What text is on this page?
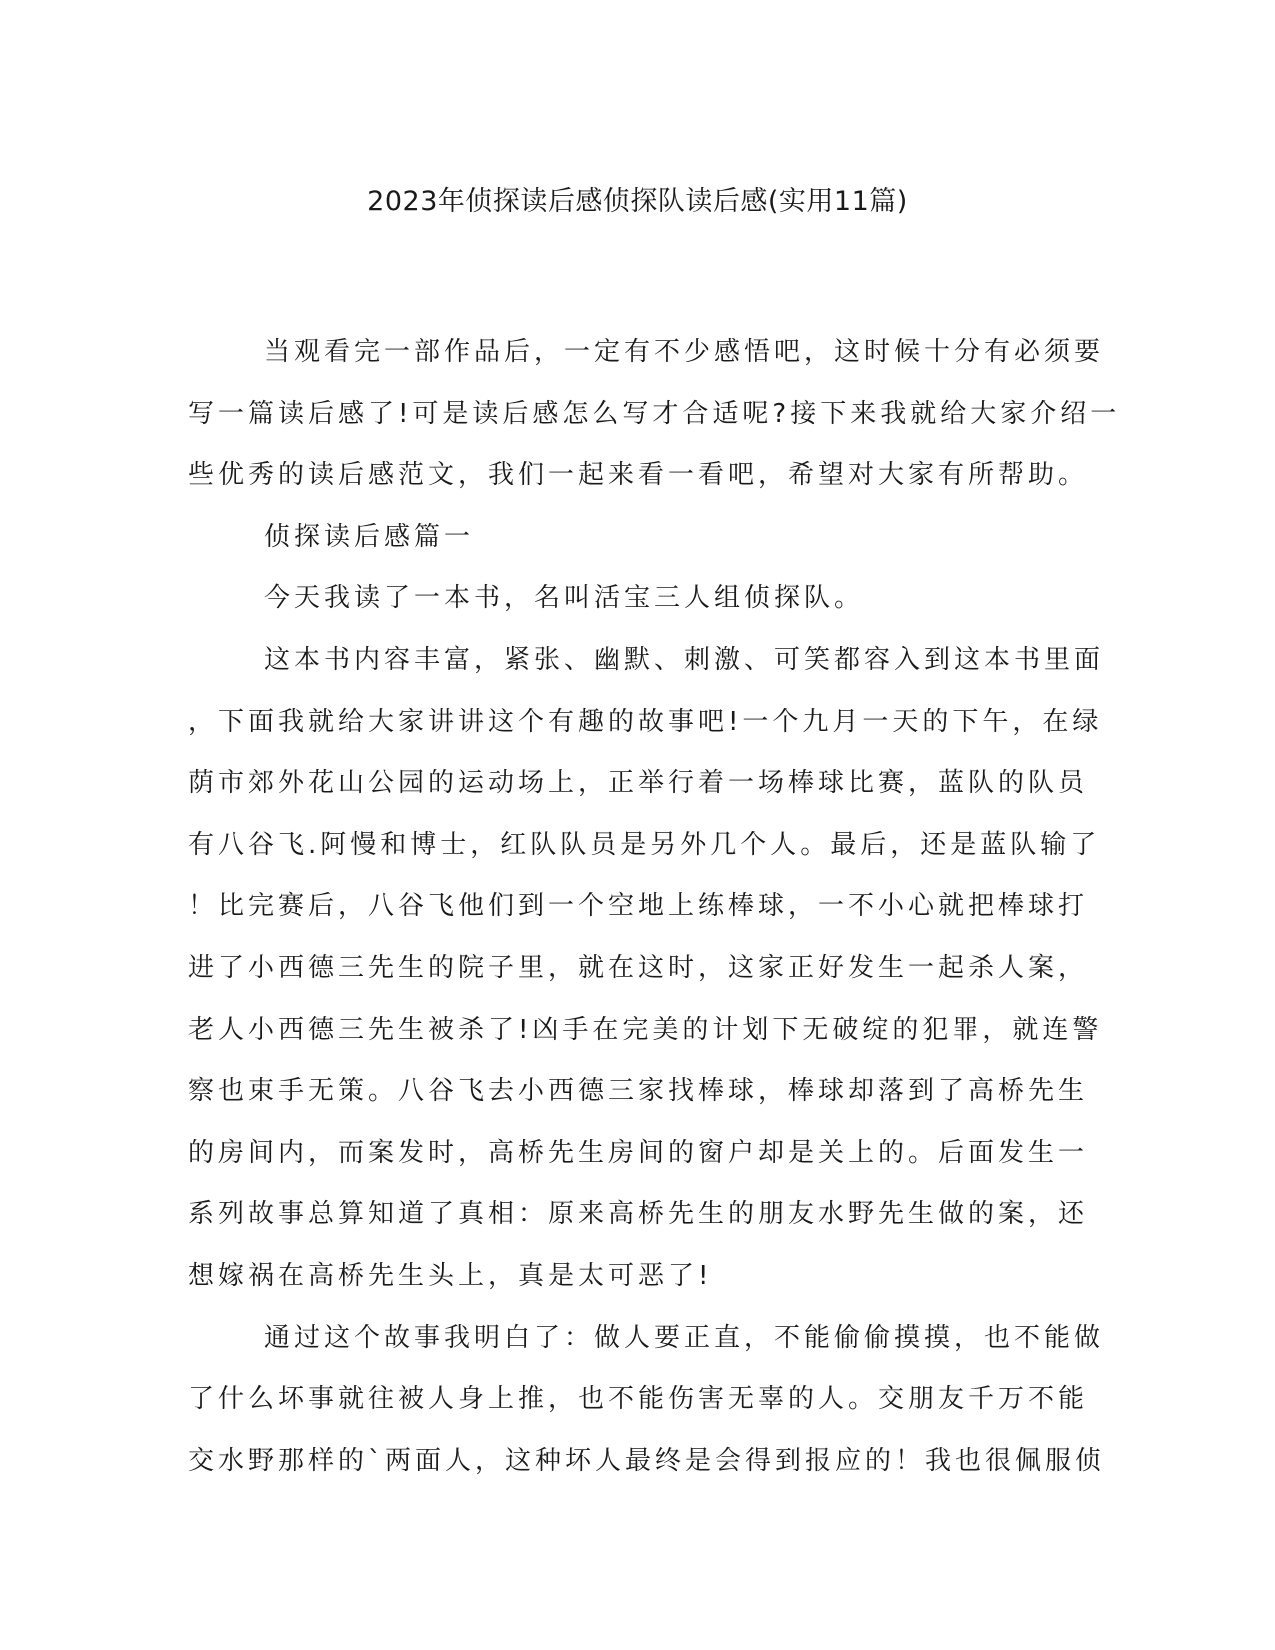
2023年侦探读后感侦探队读后感(实用11篇)
当观看完一部作品后，一定有不少感悟吧，这时候十分有必须要
写一篇读后感了!可是读后感怎么写才合适呢?接下来我就给大家介绍一
些优秀的读后感范文，我们一起来看一看吧，希望对大家有所帮助。
侦探读后感篇一
今天我读了一本书，名叫活宝三人组侦探队。
这本书内容丰富，紧张、幽默、刺激、可笑都容入到这本书里面
，下面我就给大家讲讲这个有趣的故事吧!一个九月一天的下午，在绿
荫市郊外花山公园的运动场上，正举行着一场棒球比赛，蓝队的队员
有八谷飞.阿慢和博士，红队队员是另外几个人。最后，还是蓝队输了
！比完赛后，八谷飞他们到一个空地上练棒球，一不小心就把棒球打
进了小西德三先生的院子里，就在这时，这家正好发生一起杀人案，
老人小西德三先生被杀了!凶手在完美的计划下无破绽的犯罪，就连警
察也束手无策。八谷飞去小西德三家找棒球，棒球却落到了高桥先生
的房间内，而案发时，高桥先生房间的窗户却是关上的。后面发生一
系列故事总算知道了真相：原来高桥先生的朋友水野先生做的案，还
想嫁祸在高桥先生头上，真是太可恶了!
通过这个故事我明白了：做人要正直，不能偷偷摸摸，也不能做
了什么坏事就往被人身上推，也不能伤害无辜的人。交朋友千万不能
交水野那样的`两面人，这种坏人最终是会得到报应的！我也很佩服侦
